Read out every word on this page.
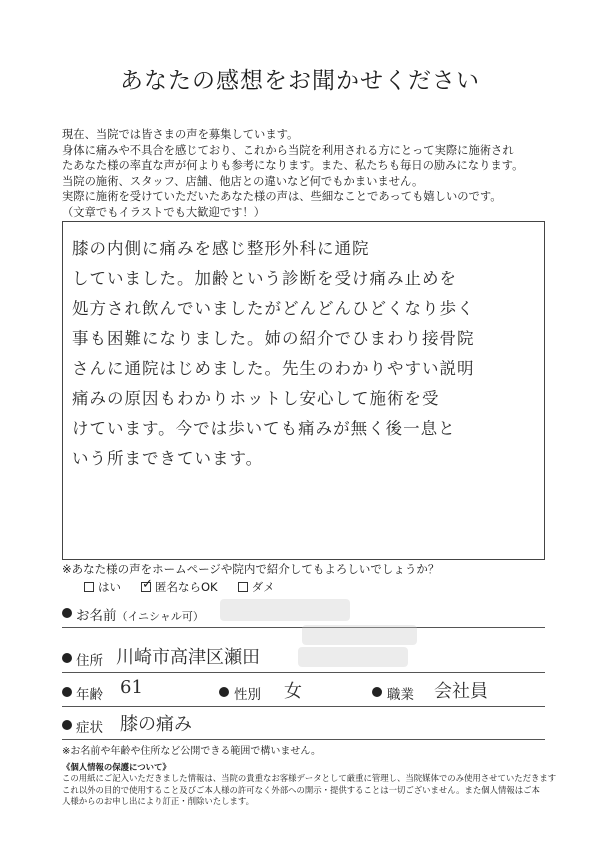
あなたの感想をお聞かせください
現在、当院では皆さまの声を募集しています。
身体に痛みや不具合を感じており、これから当院を利用される方にとって実際に施術され
たあなた様の率直な声が何よりも参考になります。また、私たちも毎日の励みになります。
当院の施術、スタッフ、店舗、他店との違いなど何でもかまいません。
実際に施術を受けていただいたあなた様の声は、些細なことであっても嬉しいのです。
（文章でもイラストでも大歓迎です！）
膝の内側に痛みを感じ整形外科に通院
していました。加齢という診断を受け痛み止めを
処方され飲んでいましたがどんどんひどくなり歩く
事も困難になりました。姉の紹介でひまわり接骨院
さんに通院はじめました。先生のわかりやすい説明
痛みの原因もわかりホットし安心して施術を受
けています。今では歩いても痛みが無く後一息と
いう所まできています。
※あなた様の声をホームページや院内で紹介してもよろしいでしょうか？
はい
✓	匿名ならOK	ダメ
お名前（イニシャル可）
住所 川崎市高津区瀬田
年齢 61	性別 女	職業 会社員
症状 膝の痛み
※お名前や年齢や住所など公開できる範囲で構いません。
《個人情報の保護について》
この用紙にご記入いただきました情報は、当院の貴重なお客様データとして厳重に管理し、当院媒体でのみ使用させていただきます
これ以外の目的で使用すること及びご本人様の許可なく外部への開示・提供することは一切ございません。また個人情報はご本
人様からのお申し出により訂正・削除いたします。
